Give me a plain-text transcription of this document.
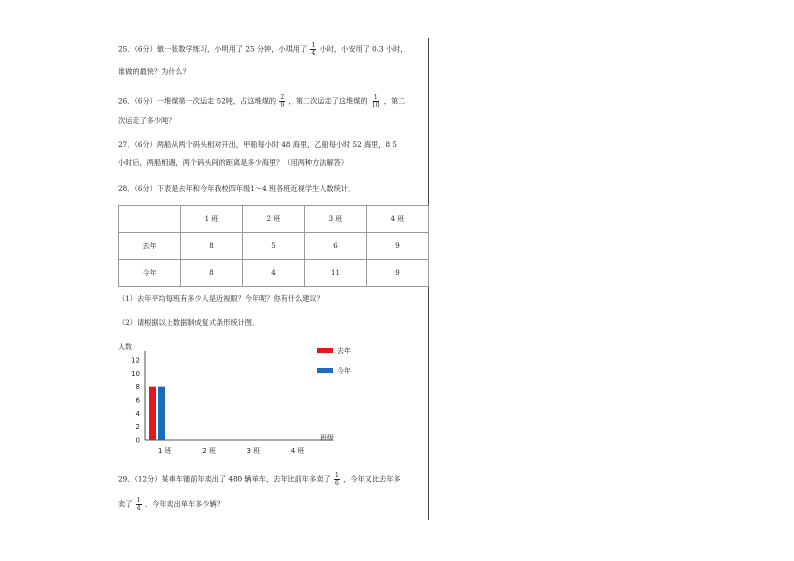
25．（6分）做一张数学练习，小明用了 25 分钟，小琪用了 $\frac{1}{4}$ 小时，小安用了 0.3 小时，
谁做的最快？为什么？
26．（6分）一堆煤第一次运走 52吨，占这堆煤的 $\frac{2}{9}$ ，第二次运走了这堆煤的 $\frac{1}{10}$ ，第二
次运走了多少吨？
27．（6分）两船从两个码头相对开出，甲船每小时 48 海里，乙船每小时 52 海里，8 5
小时后，两船相遇，两个码头间的距离是多少海里？（用两种方法解答）
28．（6分）下表是去年和今年我校四年级1～4 班各班近视学生人数统计．
	1 班	2 班	3 班	4 班
去年	8	5	6	9
今年	8	4	11	9
（1）去年平均每班有多少人是近视眼？今年呢？你有什么建议？
（2）请根据以上数据制成复式条形统计图．
人数
班级
0
2
4
6
8
10
12
1 班	2 班	3 班	4 班
去年
今年
29．（12分）某車车铺前年卖出了 480 辆单车，去年比前年多卖了 $\frac{1}{6}$ ，今年又比去年多
卖了 $\frac{1}{4}$ ．今年卖出单车多少辆？
